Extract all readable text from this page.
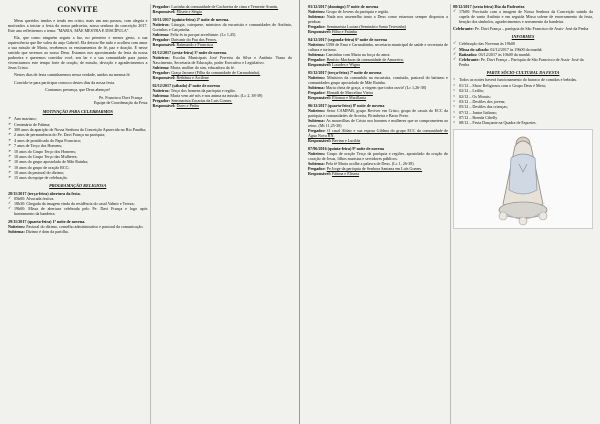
CONVITE

Meus queridos irmãos e irmãs em cristo, mais um ano passou, com alegria e motivados a iniciar a festa da nossa padroeira, nossa senhora da conceição 2017. Este ano refletiremos o tema: "MARIA, MÃE MESTRA E DISCÍPULA".

Ela, que como ninguém seguiu a luz, no primeiro e menor gesto, a sua aquiescência que lhe valeu do anjo Gabriel. Ela deixou-lhe tudo e acolheu com amor a sua missão de Maria, recebemos os ensinamentos de fé, paz e doação. E nesse sentido que seremos ao nosso Deus. Estamos nos aproximando da festa da nossa padroeira e queremos convidar você, seu lar e a sua comunidade para juntos vivenciarmos este tempo forte de oração, de missão, devoção e agradecimentos a Jesus Cristo.

Nestes dias de festa caminharemos nessa verdade, unidos na mesma fé.

Convido-te para participar conosco destes dias da nossa festa.

Contamos presença, que Deus abençoe!

Pe. Francisco Davi França
Equipe de Coordenação da Festa
MOTIVAÇÃO PARA CELEBRARMOS
➢ Ano mariano;
➢ Centenário de Fátima;
➢ 300 anos da aparição de Nossa Senhora da Conceição Aparecida no Rio Paraíba;
➢ 2 anos de permanência do Pe. Davi França na paróquia;
➢ 4 anos de pontificado do Papa Francisco;
➢ 7 anos de Terço dos Homens;
➢ 10 anos do Grupo Terço dos Homens;
➢ 10 anos do Grupo Terço das Mulheres;
➢ 10 anos do grupo apostolado de Mãe Rainha;
➢ 10 anos do grupo de oração RCC;
➢ 10 anos da pastoral do dízimo;
➢ 15 anos da equipe de celebração.
PROGRAMAÇÃO RELIGIOSA
28/11/2017 (terça-feira) abertura da festa.
✓ 05h00: Alvorada festiva.
✓ 18h30: Chegada da imagem vinda da residência do casal Valmir e Tereza;
✓ 19h00: Missa de abertura celebrada pelo Pe. Davi França e logo após hasteamento da bandeira.
29/11/2017 (quarta-feira) 1ª noite de novena.
Noiteiros: Pastoral do dízimo, conselho administrativo e pastoral da comunicação.
Subtema: Dízimo é dom da partilha.
Pregador: Lucinha da comunidade de Cachoeira de cima e Temente Aranás.
Responsável: Elisete e Sérgio
30/11/2017 (quinta-feira) 2ª noite de novena.
Noiteiros: Liturgia, catequese, ministros da eucaristia e comunidades de Antônio, Gorinhos e Caiçarinha.
Subtema: Feliz és tu porque acreditaste. (Lc 1,45)
Pregador: Daivanir do Pau dos Ferros.
Responsável: Raimundo e Francisca
01/12/2017 (sexta-feira) 3ª noite de novena.
Noiteiros: Escolas Municipais José Ferreira da Silva e Antônio Viana do Nascimento, Secretaria de Educação, poder Executivo e Legislativo.
Subtema: Maria, mulher do sim, educadora da fé.
Pregador: Graça Jacome (Filha da comunidade de Carnaubinha).
Responsável: Bethânia e Arcilene
02/12/2017 (sábado) 4ª noite de novena
Noiteiros: Terço dos homens da paróquia e região.
Subtema: Maria vem até nós e nos anima na missão. (Lc 2, 38-39)
Pregador: Seminarista Zacarias da Luis Gomes.
Responsável: Duvo e Pedro
03/12/2017 (domingo) 5ª noite de novena
Noiteiros: Grupo de Jovens da paróquia e região.
Subtema: Nada nos assemelha tanto a Deus como estarmos sempre dispostos a perdoar.
Pregador: Seminarista Lucian (Seminário Santa Teresinha)
Responsável: Filho e Fatinha
04/12/2017 (segunda-feira) 6ª noite de novena
Noiteiros: UBS de Ema e Carnaubinha, secretaria municipal de saúde e secretaria de cultura e turismo.
Subtema: Caminhar com Maria na força do amor.
Pregador: Benício Mackson da comunidade de Amoreira.
Responsável: Lourdes e Wigna
05/12/2017 (terça-feira) 7ª noite de novena
Noiteiros: Ministros da comunhão na eucaristia, comissão, pastoral do batismo e comunidades grupo apostolado de Mãe Rainha.
Subtema: Maria cheia de graça, a virgem que todos ouvir! (Lc 1,26-38)
Pregador: Elenadi de Marcelino Vieira
Responsável: Eliomar e Marillania
06/12/2017 (quarta-feira) 8ª noite de novena
Noiteiros: Setor CAMPAB, grupo Reviver em Cristo, grupo de casais do ECC da paróquia e comunidades de Aroeira, Pitimbeira e Barro Preto.
Subtema: As maravilhas de Cristo nos homens e mulheres que se comprometem ao reino. (Mt 11,25-30)
Pregador: O casal Aldair e sua esposa Gildma do grupo ECC da comunidade de Água Nova RN.
Responsável: Bevinn e Lucilda
07/96/2016 (quinta-feira) 9ª noite de novena
Noiteiros: Grupo de oração Terço da paróquia e regiões, apostolado da oração do coração de Jesus, filhos maristas e servidores públicos.
Subtema: Pela fé Maria acolhe a palavra de Deus. (Lc 1, 26-38)
Pregador: Pe Jorge da paróquia de Senhora Santana em Luís Gomes.
Responsável: Fátima e Eliseza
08/12/2017 (sexta feira) Dia da Padroeira
✓ 17h00: Procissão com a imagem de Nossa Senhora da Conceição saindo da capela de santo Antônio e em seguida Missa solene de encerramento da festa, benção dos símbolos, agradecimentos e arreamento da bandeira.
Celebrante: Pe. Davi França – paróquia de São Francisco de Assis- José da Penha
INFORMES
✓ Celebração das Novenas às 19h00
✓ Missa do sábado: 02/12/2017 às 19h00 da manhã.
✓ Batizados: 03/12/2017 às 10h00 da manhã.
✓ Celebrante: Pe. Davi França – Paróquia de São Francisco de Assis- José da Penha
PARTE SÓCIO-CULTURAL DA FESTA
○ Todos as noites haverá funcionamento do barraco de comidas e bebidas.
○ 01/12 – Show Religiosos com o Grupo Deus é Meiu;
○ 02/12 – Leilão;
○ 02/12 – Os Morais;
○ 03/12 – Desfiles dos jovens;
○ 05/12 – Desfiles das crianças;
○ 07/12 – Jantar Italiano;
○ 07/12 – Brenda Cibelly
○ 08/12 – Festa Dançante na Quadra de Esportes.
